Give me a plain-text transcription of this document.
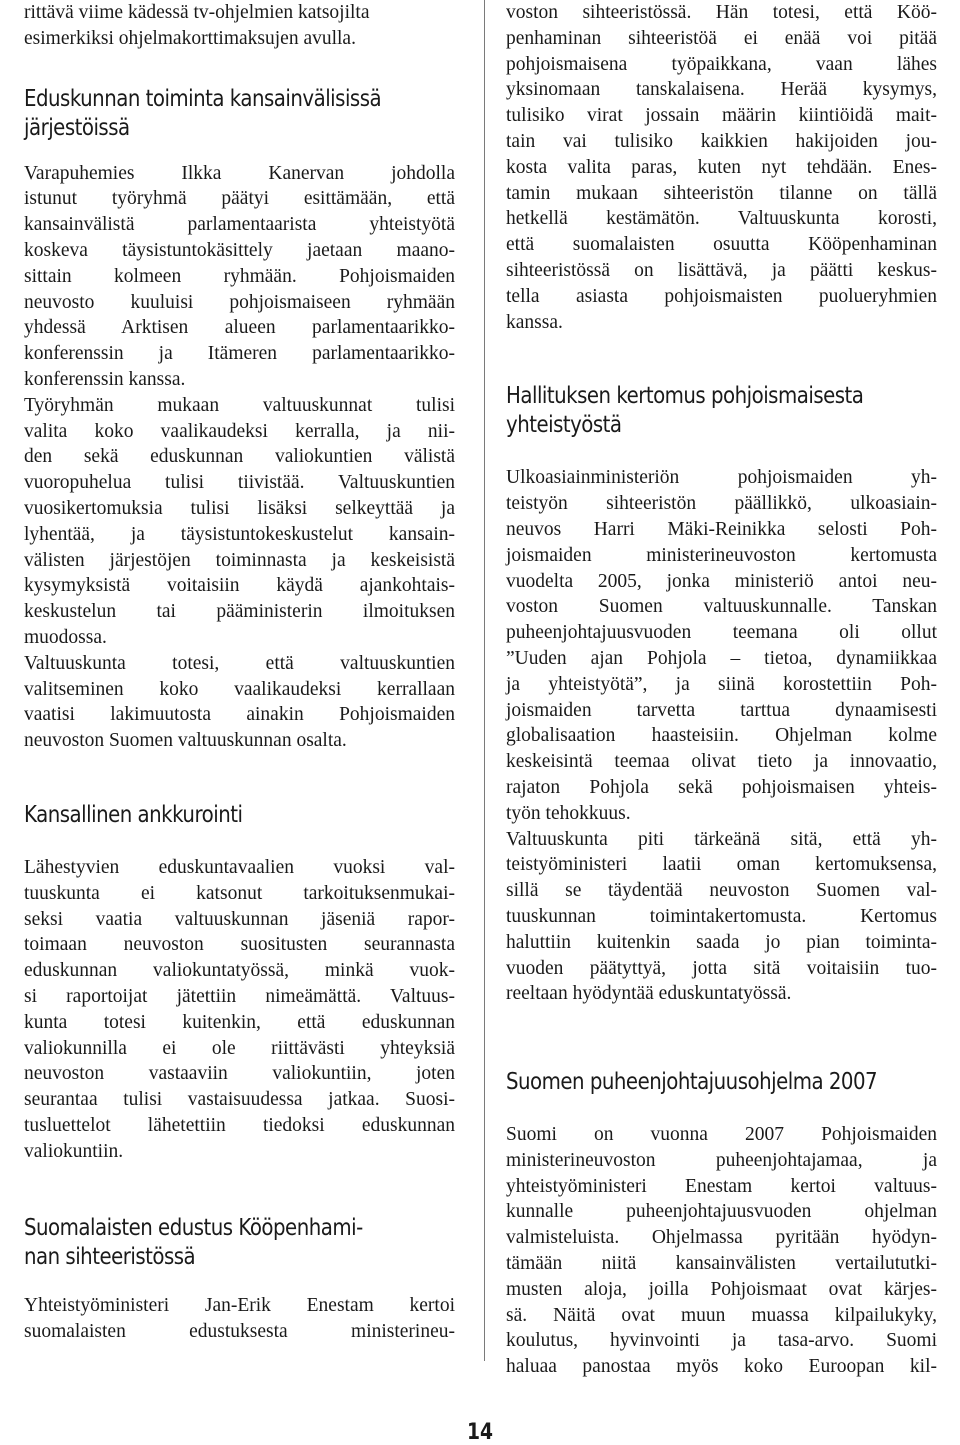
rittävä viime kädessä tv-ohjelmien katsojilta
esimerkiksi ohjelmakorttimaksujen avulla.
Eduskunnan toiminta kansainvälisissä
järjestöissä
Varapuhemies Ilkka Kanervan johdolla
istunut työryhmä päätyi esittämään, että
kansainvälistä parlamentaarista yhteistyötä
koskeva täysistuntokäsittely jaetaan maano-
sittain kolmeen ryhmään. Pohjoismaiden
neuvosto kuuluisi pohjoismaiseen ryhmään
yhdessä Arktisen alueen parlamentaarikko-
konferenssin ja Itämeren parlamentaarikko-
konferenssin kanssa.
Työryhmän mukaan valtuuskunnat tulisi
valita koko vaalikaudeksi kerralla, ja nii-
den sekä eduskunnan valiokuntien välistä
vuoropuhelua tulisi tiivistää. Valtuuskuntien
vuosikertomuksia tulisi lisäksi selkeyttää ja
lyhentää, ja täysistuntokeskustelut kansain-
välisten järjestöjen toiminnasta ja keskeisistä
kysymyksistä voitaisiin käydä ajankohtais-
keskustelun tai pääministerin ilmoituksen
muodossa.
Valtuuskunta totesi, että valtuuskuntien
valitseminen koko vaalikaudeksi kerrallaan
vaatisi lakimuutosta ainakin Pohjoismaiden
neuvoston Suomen valtuuskunnan osalta.
Kansallinen ankkurointi
Lähestyvien eduskuntavaalien vuoksi val-
tuuskunta ei katsonut tarkoituksenmukai-
seksi vaatia valtuuskunnan jäseniä rapor-
toimaan neuvoston suositusten seurannasta
eduskunnan valiokuntatyössä, minkä vuok-
si raportoijat jätettiin nimeämättä. Valtuus-
kunta totesi kuitenkin, että eduskunnan
valiokunnilla ei ole riittävästi yhteyksiä
neuvoston vastaaviin valiokuntiin, joten
seurantaa tulisi vastaisuudessa jatkaa. Suosi-
tusluettelot lähetettiin tiedoksi eduskunnan
valiokuntiin.
Suomalaisten edustus Kööpenhami-
nan sihteeristössä
Yhteistyöministeri Jan-Erik Enestam kertoi
suomalaisten edustuksesta ministerineu-
voston sihteeristössä. Hän totesi, että Köö-
penhaminan sihteeristöä ei enää voi pitää
pohjoismaisena työpaikkana, vaan lähes
yksinomaan tanskalaisena. Herää kysymys,
tulisiko virat jossain määrin kiintiöidä mait-
tain vai tulisiko kaikkien hakijoiden jou-
kosta valita paras, kuten nyt tehdään. Enes-
tamin mukaan sihteeristön tilanne on tällä
hetkellä kestämätön. Valtuuskunta korosti,
että suomalaisten osuutta Kööpenhaminan
sihteeristössä on lisättävä, ja päätti keskus-
tella asiasta pohjoismaisten puolueryhmien
kanssa.
Hallituksen kertomus pohjoismaisesta
yhteistyöstä
Ulkoasiainministeriön pohjoismaiden yh-
teistyön sihteeristön päällikkö, ulkoasiain-
neuvos Harri Mäki-Reinikka selosti Poh-
joismaiden ministerineuvoston kertomusta
vuodelta 2005, jonka ministeriö antoi neu-
voston Suomen valtuuskunnalle. Tanskan
puheenjohtajuusvuoden teemana oli ollut
”Uuden ajan Pohjola – tietoa, dynamiikkaa
ja yhteistyötä”, ja siinä korostettiin Poh-
joismaiden tarvetta tarttua dynaamisesti
globalisaation haasteisiin. Ohjelman kolme
keskeisintä teemaa olivat tieto ja innovaatio,
rajaton Pohjola sekä pohjoismaisen yhteis-
työn tehokkuus.
Valtuuskunta piti tärkeänä sitä, että yh-
teistyöministeri laatii oman kertomuksensa,
sillä se täydentää neuvoston Suomen val-
tuuskunnan toimintakertomusta. Kertomus
haluttiin kuitenkin saada jo pian toiminta-
vuoden päätyttyä, jotta sitä voitaisiin tuo-
reeltaan hyödyntää eduskuntatyössä.
Suomen puheenjohtajuusohjelma 2007
Suomi on vuonna 2007 Pohjoismaiden
ministerineuvoston puheenjohtajamaa, ja
yhteistyöministeri Enestam kertoi valtuus-
kunnalle puheenjohtajuusvuoden ohjelman
valmisteluista. Ohjelmassa pyritään hyödyn-
tämään niitä kansainvälisten vertailututki-
musten aloja, joilla Pohjoismaat ovat kärjes-
sä. Näitä ovat muun muassa kilpailukyky,
koulutus, hyvinvointi ja tasa-arvo. Suomi
haluaa panostaa myös koko Euroopan kil-
14
